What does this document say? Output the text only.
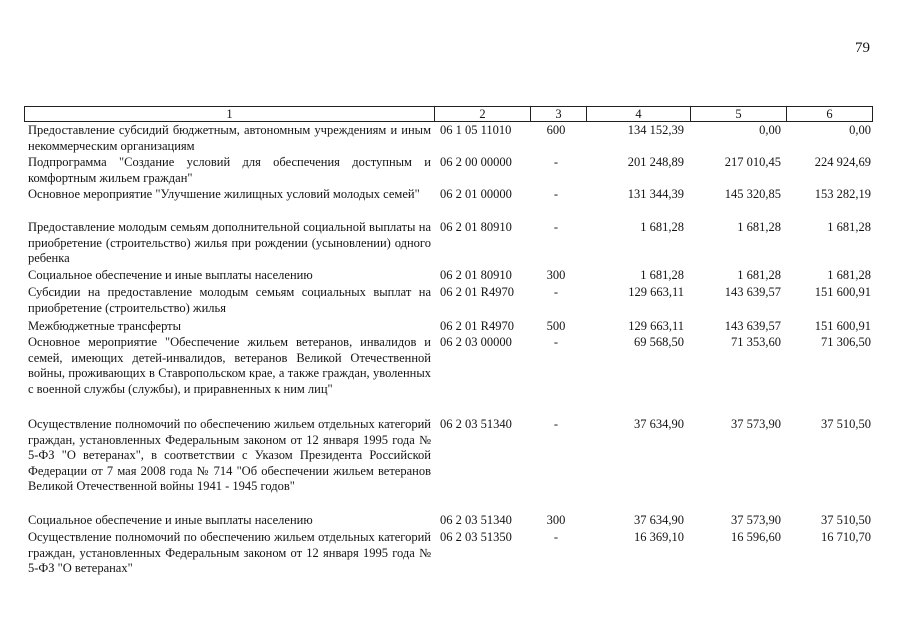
79
1	2	3	4	5	6
Предоставление субсидий бюджетным, автономным учреждениям и иным некоммерческим организациям
06 1 05 11010	600	134 152,39	0,00	0,00
Подпрограмма "Создание условий для обеспечения доступным и комфортным жильем граждан"
06 2 00 00000	-	201 248,89	217 010,45	224 924,69
Основное мероприятие "Улучшение жилищных условий молодых семей"	06 2 01 00000	-	131 344,39	145 320,85	153 282,19
Предоставление молодым семьям дополнительной социальной выплаты на приобретение (строительство) жилья при рождении (усыновлении) одного ребенка
06 2 01 80910	-	1 681,28	1 681,28	1 681,28
Социальное обеспечение и иные выплаты населению	06 2 01 80910	300	1 681,28	1 681,28	1 681,28
Субсидии на предоставление молодым семьям социальных выплат на приобретение (строительство) жилья
06 2 01 R4970	-	129 663,11	143 639,57	151 600,91
Межбюджетные трансферты	06 2 01 R4970	500	129 663,11	143 639,57	151 600,91
Основное мероприятие "Обеспечение жильем ветеранов, инвалидов и семей, имеющих детей-инвалидов, ветеранов Великой Отечественной войны, проживающих в Ставропольском крае, а также граждан, уволенных с военной службы (службы), и приравненных к ним лиц"
06 2 03 00000	-	69 568,50	71 353,60	71 306,50
Осуществление полномочий по обеспечению жильем отдельных категорий граждан, установленных Федеральным законом от 12 января 1995 года № 5-ФЗ "О ветеранах", в соответствии с Указом Президента Российской Федерации от 7 мая 2008 года № 714 "Об обеспечении жильем ветеранов Великой Отечественной войны 1941 - 1945 годов"
06 2 03 51340	-	37 634,90	37 573,90	37 510,50
Социальное обеспечение и иные выплаты населению	06 2 03 51340	300	37 634,90	37 573,90	37 510,50
Осуществление полномочий по обеспечению жильем отдельных категорий граждан, установленных Федеральным законом от 12 января 1995 года № 5-ФЗ "О ветеранах"
06 2 03 51350	-	16 369,10	16 596,60	16 710,70
